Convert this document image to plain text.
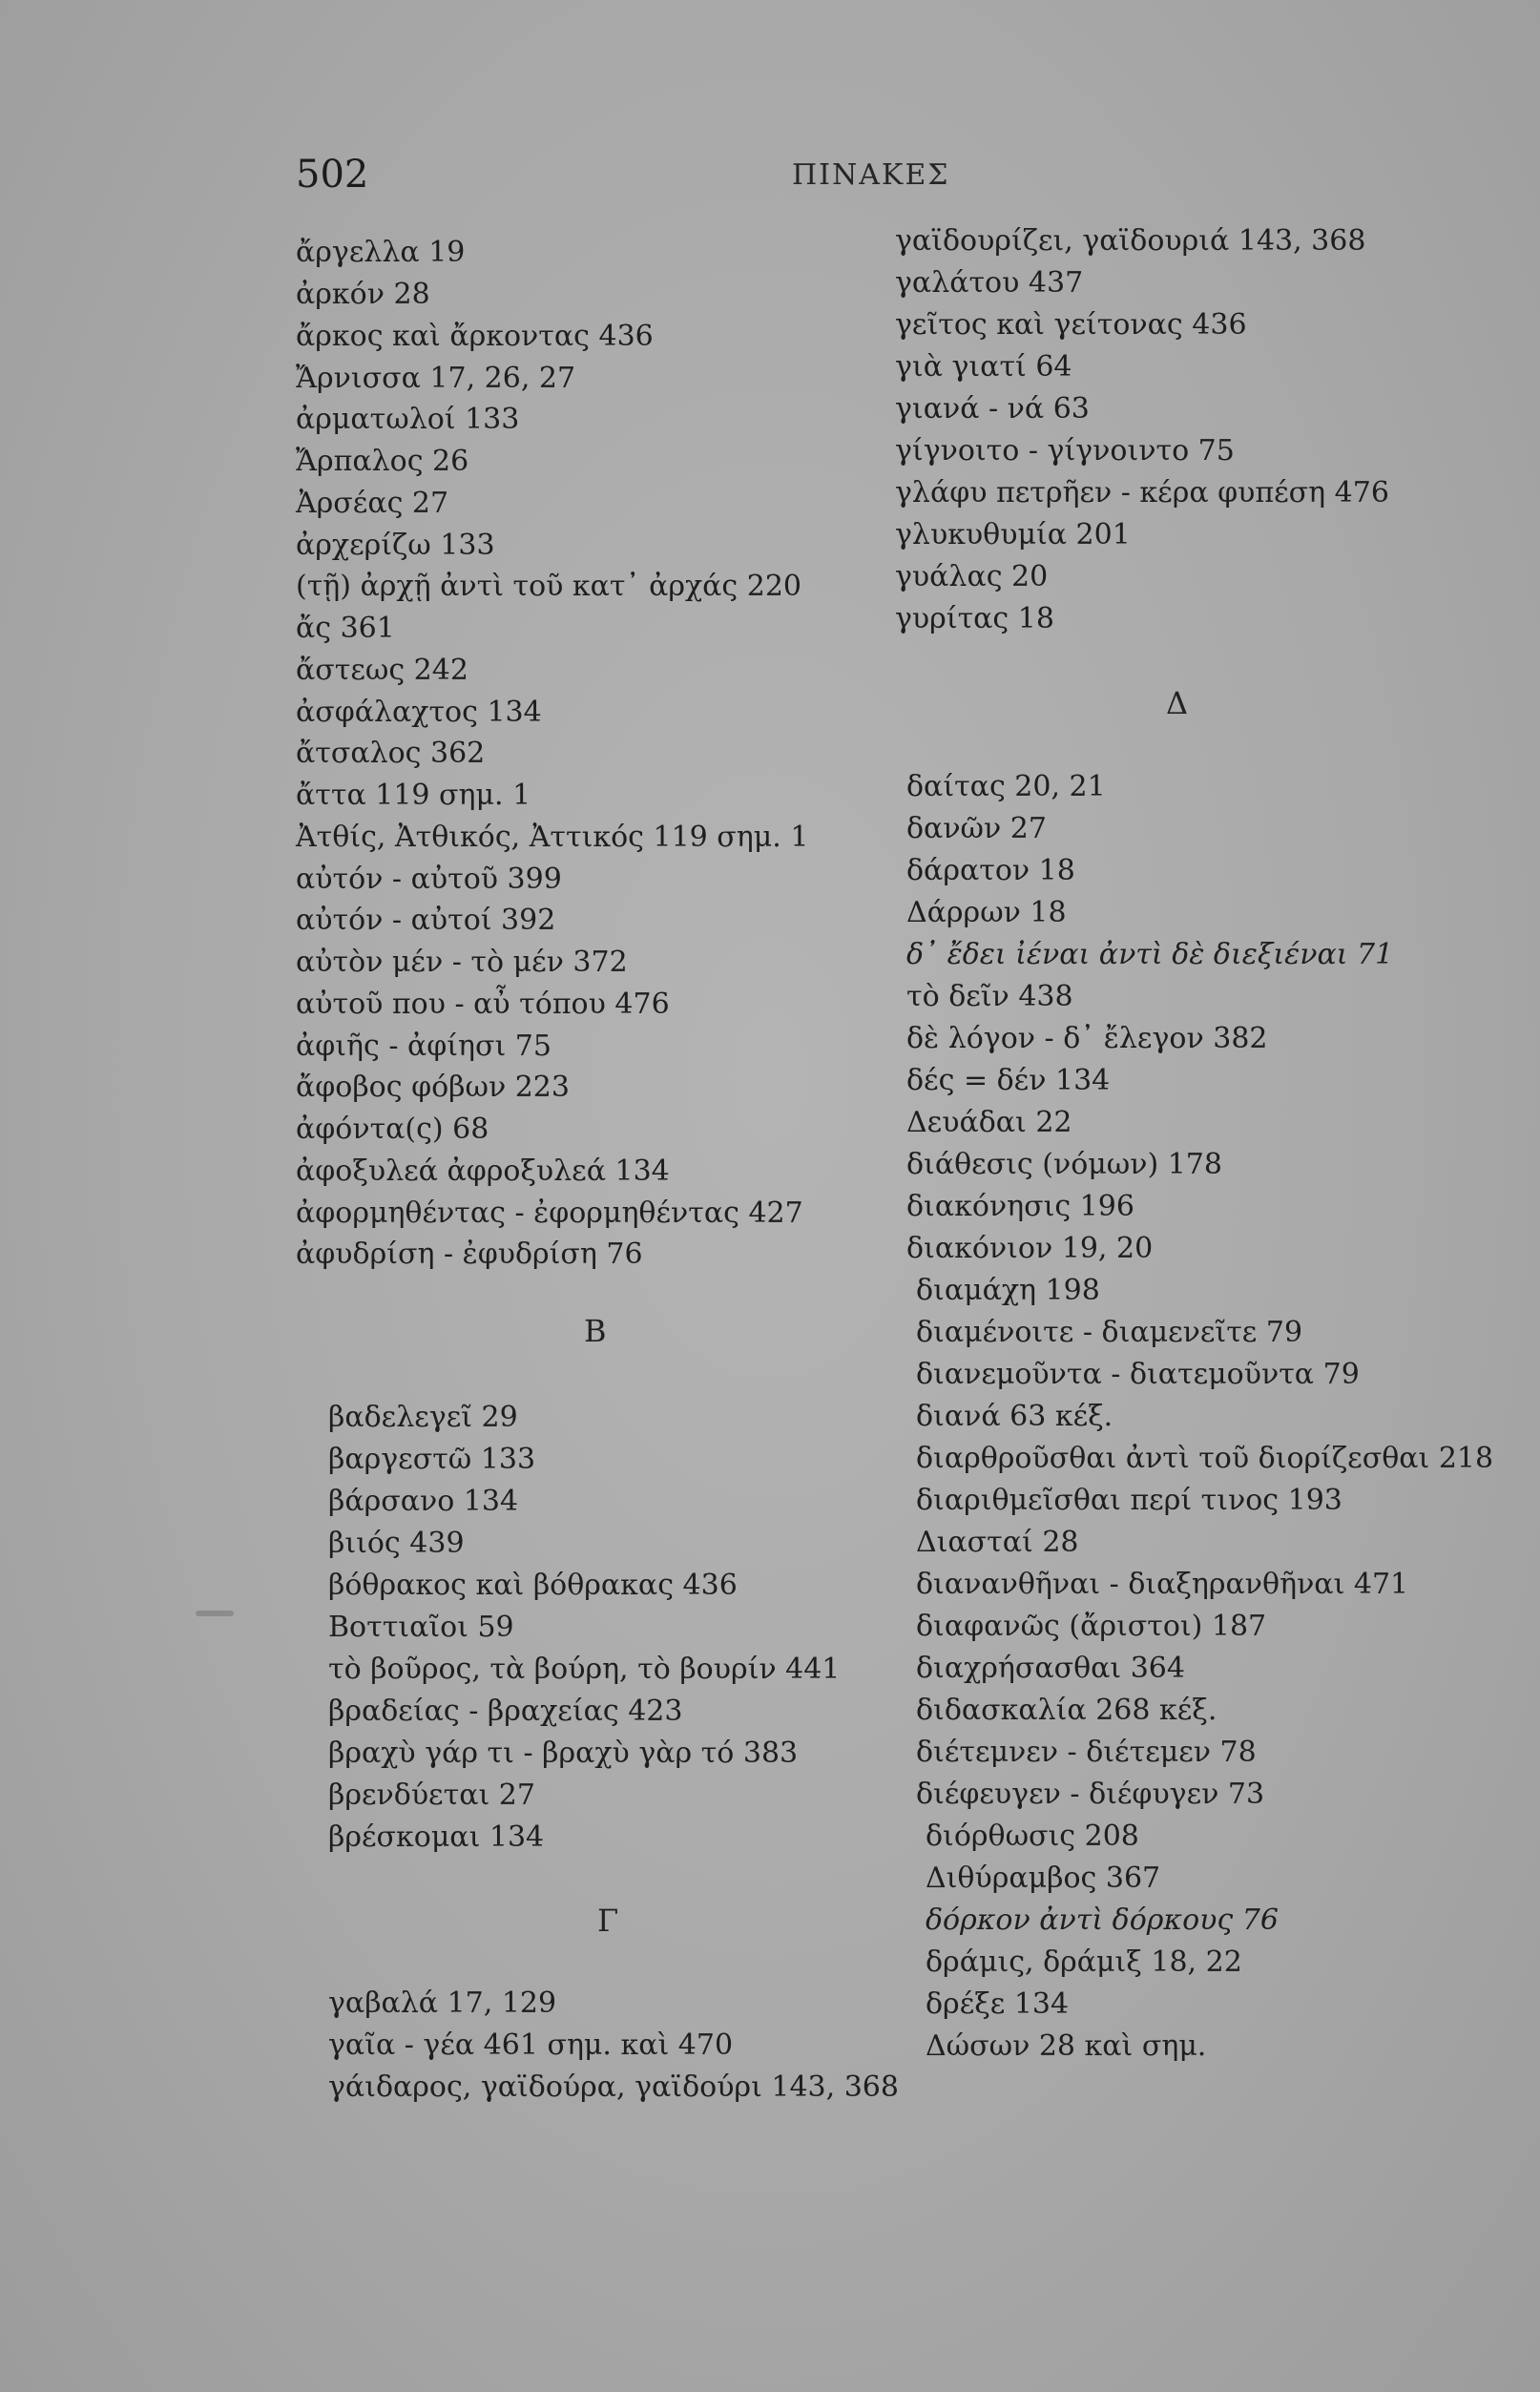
502	ΠΙΝΑΚΕΣ
ἄργελλα 19
ἀρκόν 28
ἄρκος καὶ ἄρκοντας 436
Ἄρνισσα 17, 26, 27
ἀρματωλοί 133
Ἄρπαλος 26
Ἀρσέας 27
ἀρχερίζω 133
(τῇ) ἀρχῇ ἀντὶ τοῦ κατ᾿ ἀρχάς 220
ἄς 361
ἄστεως 242
ἀσφάλαχτος 134
ἄτσαλος 362
ἄττα 119 σημ. 1
Ἀτθίς, Ἀτθικός, Ἀττικός 119 σημ. 1
αὐτόν - αὐτοῦ 399
αὐτόν - αὐτοί 392
αὐτὸν μέν - τὸ μέν 372
αὐτοῦ που - αὖ τόπου 476
ἀφιῆς - ἀφίησι 75
ἄφοβος φόβων 223
ἀφόντα(ς) 68
ἀφοξυλεά ἀφροξυλεά 134
ἀφορμηθέντας - ἐφορμηθέντας 427
ἀφυδρίση - ἐφυδρίση 76
Β
βαδελεγεῖ 29
βαργεστῶ 133
βάρσανο 134
βιιός 439
βόθρακος καὶ βόθρακας 436
Βοττιαῖοι 59
τὸ βοῦρος, τὰ βούρη, τὸ βουρίν 441
βραδείας - βραχείας 423
βραχὺ γάρ τι - βραχὺ γὰρ τό 383
βρενδύεται 27
βρέσκομαι 134
Γ
γαβαλά 17, 129
γαῖα - γέα 461 σημ. καὶ 470
γάιδαρος, γαϊδούρα, γαϊδούρι 143, 368
γαϊδουρίζει, γαϊδουριά 143, 368
γαλάτου 437
γεῖτος καὶ γείτονας 436
γιὰ γιατί 64
γιανά - νά 63
γίγνοιτο - γίγνοιντο 75
γλάφυ πετρῆεν - κέρα φυπέση 476
γλυκυθυμία 201
γυάλας 20
γυρίτας 18
Δ
δαίτας 20, 21
δανῶν 27
δάρατον 18
Δάρρων 18
δ᾿ ἔδει ἰέναι ἀντὶ δὲ διεξιέναι 71
τὸ δεῖν 438
δὲ λόγον - δ᾿ ἔλεγον 382
δές = δέν 134
Δευάδαι 22
διάθεσις (νόμων) 178
διακόνησις 196
διακόνιον 19, 20
διαμάχη 198
διαμένοιτε - διαμενεῖτε 79
διανεμοῦντα - διατεμοῦντα 79
διανά 63 κέξ.
διαρθροῦσθαι ἀντὶ τοῦ διορίζεσθαι 218
διαριθμεῖσθαι περί τινος 193
Διασταί 28
διανανθῆναι - διαξηρανθῆναι 471
διαφανῶς (ἄριστοι) 187
διαχρήσασθαι 364
διδασκαλία 268 κέξ.
διέτεμνεν - διέτεμεν 78
διέφευγεν - διέφυγεν 73
διόρθωσις 208
Διθύραμβος 367
δόρκον ἀντὶ δόρκους 76
δράμις, δράμιξ 18, 22
δρέξε 134
Δώσων 28 καὶ σημ.
